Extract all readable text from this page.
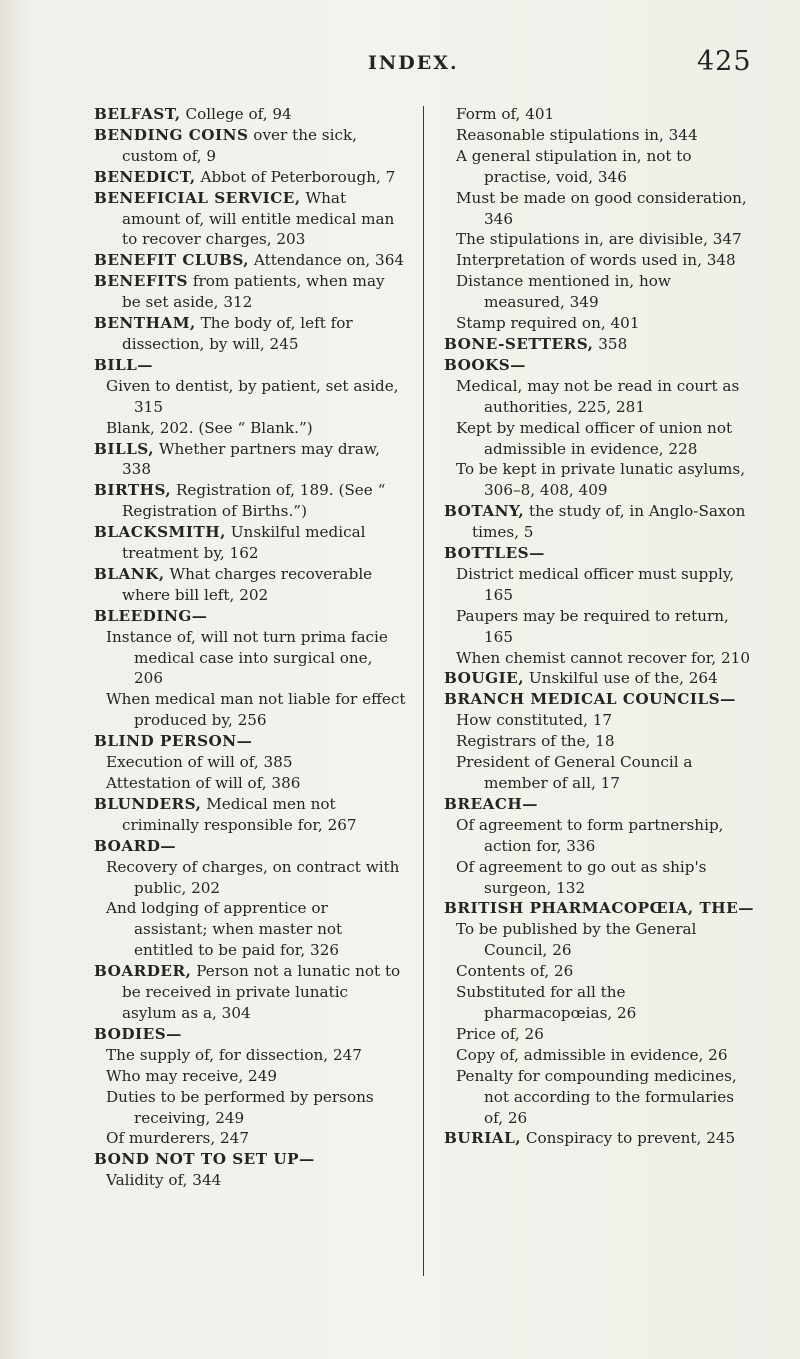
INDEX.	425
BELFAST, College of, 94
BENDING COINS over the sick, custom of, 9
BENEDICT, Abbot of Peterborough, 7
BENEFICIAL SERVICE, What amount of, will entitle medical man to recover charges, 203
BENEFIT CLUBS, Attendance on, 364
BENEFITS from patients, when may be set aside, 312
BENTHAM, The body of, left for dissection, by will, 245
BILL—
Given to dentist, by patient, set aside, 315
Blank, 202. (See “ Blank.”)
BILLS, Whether partners may draw, 338
BIRTHS, Registration of, 189. (See “ Registration of Births.”)
BLACKSMITH, Unskilful medical treatment by, 162
BLANK, What charges recoverable where bill left, 202
BLEEDING—
Instance of, will not turn prima facie medical case into surgical one, 206
When medical man not liable for effect produced by, 256
BLIND PERSON—
Execution of will of, 385
Attestation of will of, 386
BLUNDERS, Medical men not criminally responsible for, 267
BOARD—
Recovery of charges, on contract with public, 202
And lodging of apprentice or assistant; when master not entitled to be paid for, 326
BOARDER, Person not a lunatic not to be received in private lunatic asylum as a, 304
BODIES—
The supply of, for dissection, 247
Who may receive, 249
Duties to be performed by persons receiving, 249
Of murderers, 247
BOND NOT TO SET UP—
Validity of, 344
Form of, 401
Reasonable stipulations in, 344
A general stipulation in, not to practise, void, 346
Must be made on good consideration, 346
The stipulations in, are divisible, 347
Interpretation of words used in, 348
Distance mentioned in, how measured, 349
Stamp required on, 401
BONE-SETTERS, 358
BOOKS—
Medical, may not be read in court as authorities, 225, 281
Kept by medical officer of union not admissible in evidence, 228
To be kept in private lunatic asylums, 306–8, 408, 409
BOTANY, the study of, in Anglo-Saxon times, 5
BOTTLES—
District medical officer must supply, 165
Paupers may be required to return, 165
When chemist cannot recover for, 210
BOUGIE, Unskilful use of the, 264
BRANCH MEDICAL COUNCILS—
How constituted, 17
Registrars of the, 18
President of General Council a member of all, 17
BREACH—
Of agreement to form partnership, action for, 336
Of agreement to go out as ship's surgeon, 132
BRITISH PHARMACOPŒIA, THE—
To be published by the General Council, 26
Contents of, 26
Substituted for all the pharmacopœias, 26
Price of, 26
Copy of, admissible in evidence, 26
Penalty for compounding medicines, not according to the formularies of, 26
BURIAL, Conspiracy to prevent, 245
